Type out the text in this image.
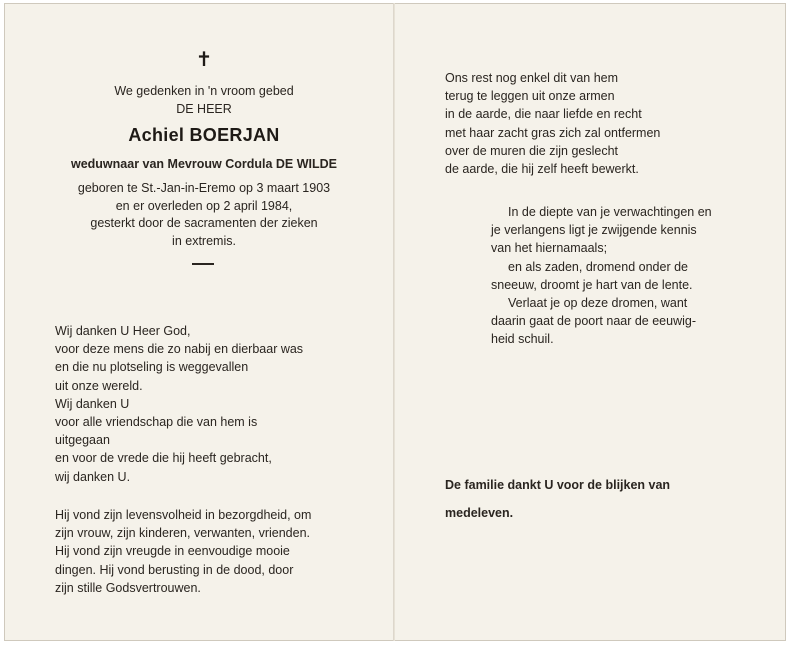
✝
We gedenken in 'n vroom gebed
DE HEER
Achiel BOERJAN
weduwnaar van Mevrouw Cordula DE WILDE
geboren te St.-Jan-in-Eremo op 3 maart 1903
en er overleden op 2 april 1984,
gesterkt door de sacramenten der zieken
in extremis.
Wij danken U Heer God,
voor deze mens die zo nabij en dierbaar was
en die nu plotseling is weggevallen
uit onze wereld.
Wij danken U
voor alle vriendschap die van hem is
uitgegaan
en voor de vrede die hij heeft gebracht,
wij danken U.
Hij vond zijn levensvolheid in bezorgdheid, om
zijn vrouw, zijn kinderen, verwanten, vrienden.
Hij vond zijn vreugde in eenvoudige mooie
dingen. Hij vond berusting in de dood, door
zijn stille Godsvertrouwen.
Ons rest nog enkel dit van hem
terug te leggen uit onze armen
in de aarde, die naar liefde en recht
met haar zacht gras zich zal ontfermen
over de muren die zijn geslecht
de aarde, die hij zelf heeft bewerkt.
In de diepte van je verwachtingen en
je verlangens ligt je zwijgende kennis
van het hiernamaals;
en als zaden, dromend onder de
sneeuw, droomt je hart van de lente.
Verlaat je op deze dromen, want
daarin gaat de poort naar de eeuwig-
heid schuil.
De familie dankt U voor de blijken van
medeleven.
